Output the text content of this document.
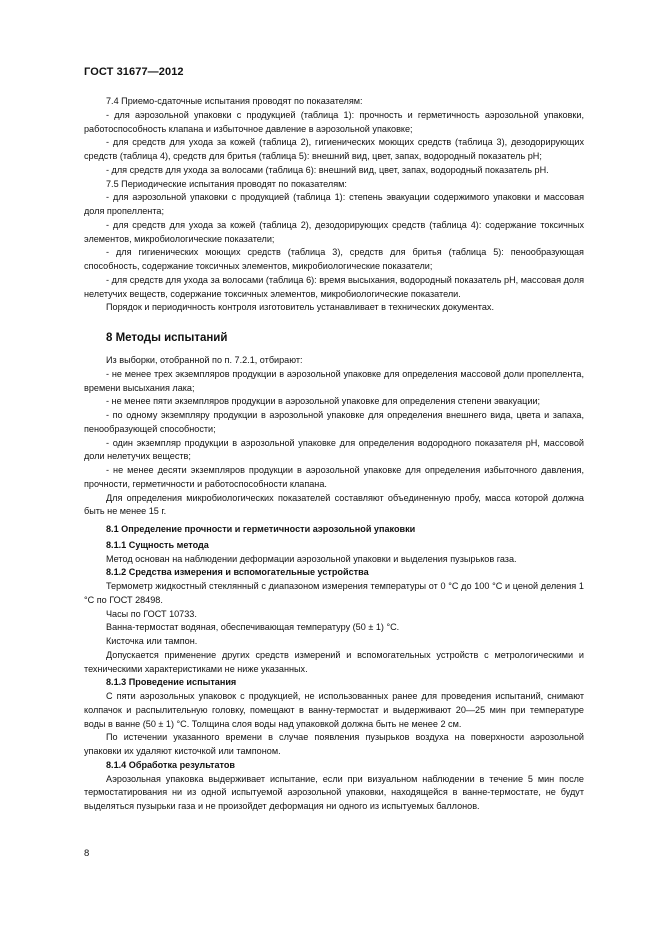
ГОСТ 31677—2012

7.4 Приемо-сдаточные испытания проводят по показателям:

- для аэрозольной упаковки с продукцией (таблица 1): прочность и герметичность аэрозольной упаковки, работоспособность клапана и избыточное давление в аэрозольной упаковке;

- для средств для ухода за кожей (таблица 2), гигиенических моющих средств (таблица 3), дезодорирующих средств (таблица 4), средств для бритья (таблица 5): внешний вид, цвет, запах, водородный показатель pH;

- для средств для ухода за волосами (таблица 6): внешний вид, цвет, запах, водородный показатель pH.

7.5 Периодические испытания проводят по показателям:

- для аэрозольной упаковки с продукцией (таблица 1): степень эвакуации содержимого упаковки и массовая доля пропеллента;

- для средств для ухода за кожей (таблица 2), дезодорирующих средств (таблица 4): содержание токсичных элементов, микробиологические показатели;

- для гигиенических моющих средств (таблица 3), средств для бритья (таблица 5): пенообразующая способность, содержание токсичных элементов, микробиологические показатели;

- для средств для ухода за волосами (таблица 6): время высыхания, водородный показатель pH, массовая доля нелетучих веществ, содержание токсичных элементов, микробиологические показатели.

Порядок и периодичность контроля изготовитель устанавливает в технических документах.

8 Методы испытаний

Из выборки, отобранной по п. 7.2.1, отбирают:

- не менее трех экземпляров продукции в аэрозольной упаковке для определения массовой доли пропеллента, времени высыхания лака;

- не менее пяти экземпляров продукции в аэрозольной упаковке для определения степени эвакуации;

- по одному экземпляру продукции в аэрозольной упаковке для определения внешнего вида, цвета и запаха, пенообразующей способности;

- один экземпляр продукции в аэрозольной упаковке для определения водородного показателя pH, массовой доли нелетучих веществ;

- не менее десяти экземпляров продукции в аэрозольной упаковке для определения избыточного давления, прочности, герметичности и работоспособности клапана.

Для определения микробиологических показателей составляют объединенную пробу, масса которой должна быть не менее 15 г.

8.1 Определение прочности и герметичности аэрозольной упаковки
8.1.1 Сущность метода

Метод основан на наблюдении деформации аэрозольной упаковки и выделения пузырьков газа.

8.1.2 Средства измерения и вспомогательные устройства

Термометр жидкостный стеклянный с диапазоном измерения температуры от 0 °С до 100 °С и ценой деления 1 °С по ГОСТ 28498.

Часы по ГОСТ 10733.

Ванна-термостат водяная, обеспечивающая температуру (50 ± 1) °С.

Кисточка или тампон.

Допускается применение других средств измерений и вспомогательных устройств с метрологическими и техническими характеристиками не ниже указанных.

8.1.3 Проведение испытания

С пяти аэрозольных упаковок с продукцией, не использованных ранее для проведения испытаний, снимают колпачок и распылительную головку, помещают в ванну-термостат и выдерживают 20—25 мин при температуре воды в ванне (50 ± 1) °С. Толщина слоя воды над упаковкой должна быть не менее 2 см.

По истечении указанного времени в случае появления пузырьков воздуха на поверхности аэрозольной упаковки их удаляют кисточкой или тампоном.

8.1.4 Обработка результатов

Аэрозольная упаковка выдерживает испытание, если при визуальном наблюдении в течение 5 мин после термостатирования ни из одной испытуемой аэрозольной упаковки, находящейся в ванне-термостате, не будут выделяться пузырьки газа и не произойдет деформация ни одного из испытуемых баллонов.

8
